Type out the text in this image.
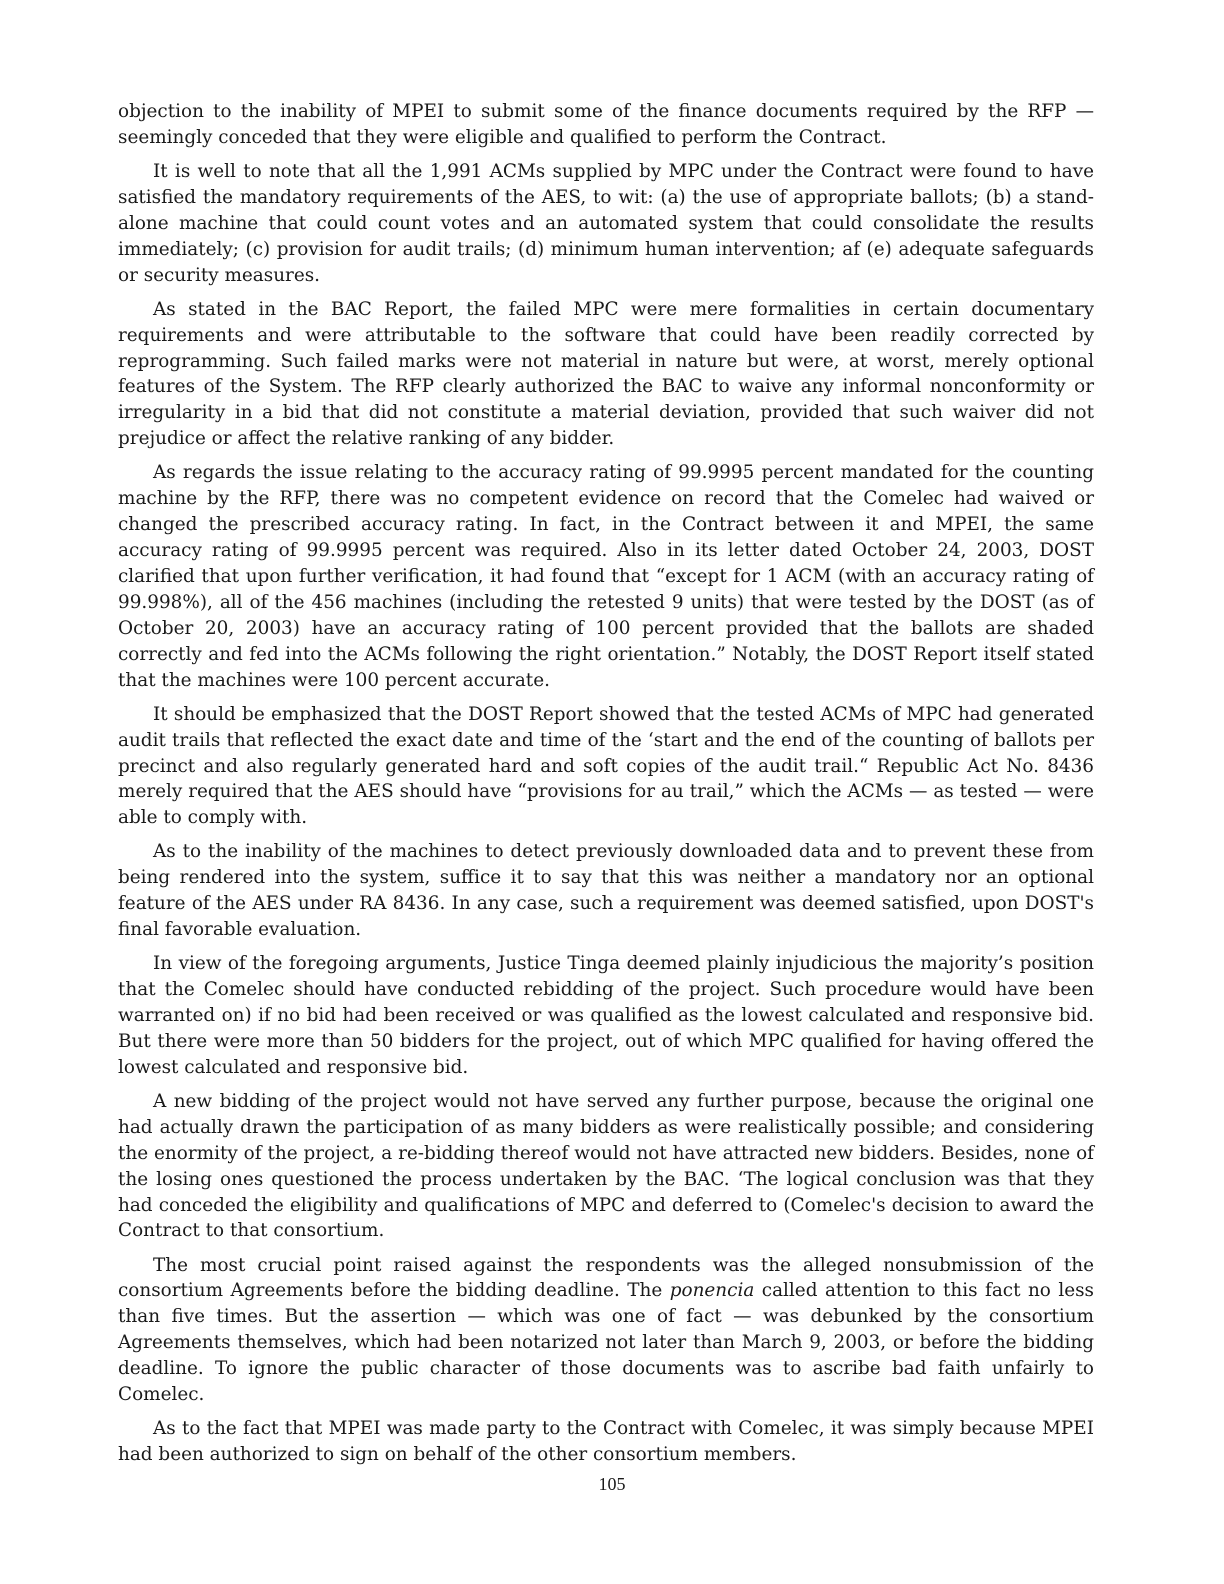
objection to the inability of MPEI to submit some of the finance documents required by the RFP — seemingly conceded that they were eligible and qualified to perform the Contract.

It is well to note that all the 1,991 ACMs supplied by MPC under the Contract were found to have satisfied the mandatory requirements of the AES, to wit: (a) the use of appropriate ballots; (b) a stand-alone machine that could count votes and an automated system that could consolidate the results immediately; (c) provision for audit trails; (d) minimum human intervention; af (e) adequate safeguards or security measures.

As stated in the BAC Report, the failed MPC were mere formalities in certain documentary requirements and were attributable to the software that could have been readily corrected by reprogramming. Such failed marks were not material in nature but were, at worst, merely optional features of the System. The RFP clearly authorized the BAC to waive any informal nonconformity or irregularity in a bid that did not constitute a material deviation, provided that such waiver did not prejudice or affect the relative ranking of any bidder.

As regards the issue relating to the accuracy rating of 99.9995 percent mandated for the counting machine by the RFP, there was no competent evidence on record that the Comelec had waived or changed the prescribed accuracy rating. In fact, in the Contract between it and MPEI, the same accuracy rating of 99.9995 percent was required. Also in its letter dated October 24, 2003, DOST clarified that upon further verification, it had found that “except for 1 ACM (with an accuracy rating of 99.998%), all of the 456 machines (including the retested 9 units) that were tested by the DOST (as of October 20, 2003) have an accuracy rating of 100 percent provided that the ballots are shaded correctly and fed into the ACMs following the right orientation.” Notably, the DOST Report itself stated that the machines were 100 percent accurate.

It should be emphasized that the DOST Report showed that the tested ACMs of MPC had generated audit trails that reflected the exact date and time of the ‘start and the end of the counting of ballots per precinct and also regularly generated hard and soft copies of the audit trail.“ Republic Act No. 8436 merely required that the AES should have “provisions for au trail,” which the ACMs — as tested — were able to comply with.

As to the inability of the machines to detect previously downloaded data and to prevent these from being rendered into the system, suffice it to say that this was neither a mandatory nor an optional feature of the AES under RA 8436. In any case, such a requirement was deemed satisfied, upon DOST's final favorable evaluation.

In view of the foregoing arguments, Justice Tinga deemed plainly injudicious the majority’s position that the Comelec should have conducted rebidding of the project. Such procedure would have been warranted on) if no bid had been received or was qualified as the lowest calculated and responsive bid. But there were more than 50 bidders for the project, out of which MPC qualified for having offered the lowest calculated and responsive bid.

A new bidding of the project would not have served any further purpose, because the original one had actually drawn the participation of as many bidders as were realistically possible; and considering the enormity of the project, a re-bidding thereof would not have attracted new bidders. Besides, none of the losing ones questioned the process undertaken by the BAC. ‘The logical conclusion was that they had conceded the eligibility and qualifications of MPC and deferred to (Comelec's decision to award the Contract to that consortium.

The most crucial point raised against the respondents was the alleged nonsubmission of the consortium Agreements before the bidding deadline. The ponencia called attention to this fact no less than five times. But the assertion — which was one of fact — was debunked by the consortium Agreements themselves, which had been notarized not later than March 9, 2003, or before the bidding deadline. To ignore the public character of those documents was to ascribe bad faith unfairly to Comelec.

As to the fact that MPEI was made party to the Contract with Comelec, it was simply because MPEI had been authorized to sign on behalf of the other consortium members.

105
